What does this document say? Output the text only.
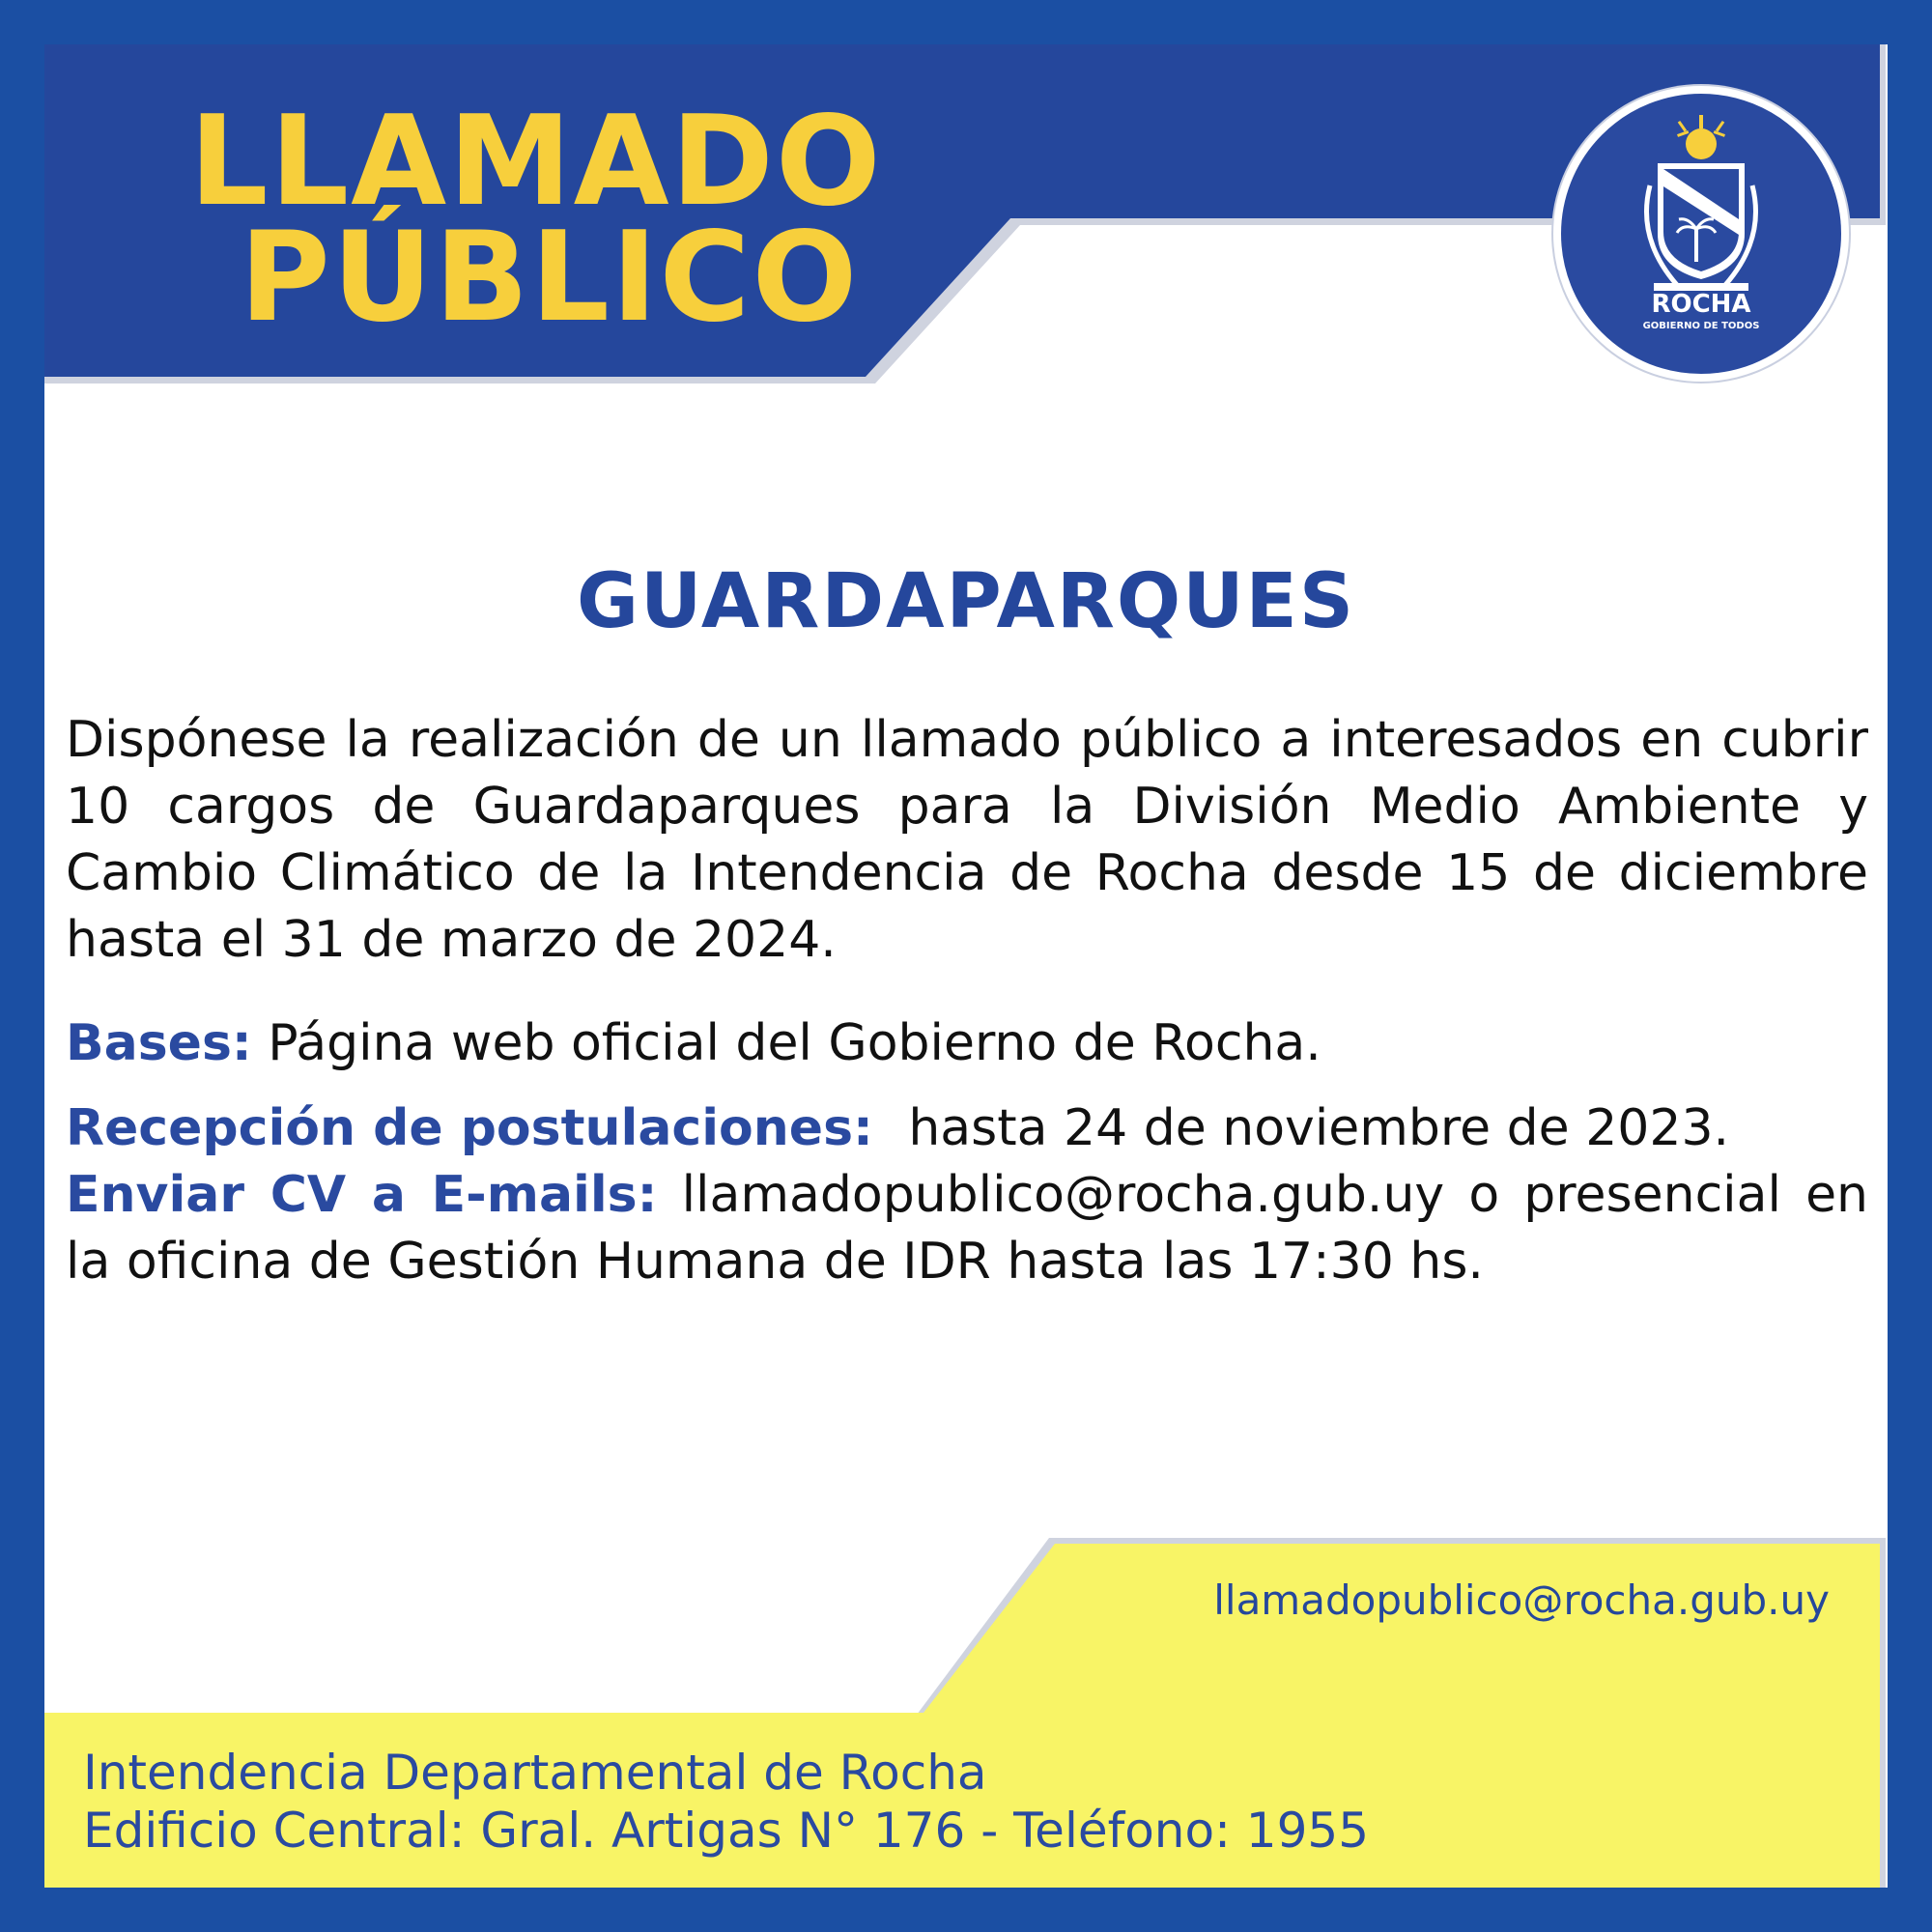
LLAMADO
PÚBLICO	ROCHA
GOBIERNO DE TODOS
GUARDAPARQUES

Dispónese la realización de un llamado público a interesados en cubrir 10 cargos de Guardaparques para la División Medio Ambiente y Cambio Climático de la Intendencia de Rocha desde 15 de diciembre hasta el 31 de marzo de 2024.

Bases: Página web oficial del Gobierno de Rocha.

Recepción de postulaciones: hasta 24 de noviembre de 2023.
Enviar CV a E-mails: llamadopublico@rocha.gub.uy o presencial en la oficina de Gestión Humana de IDR hasta las 17:30 hs.

llamadopublico@rocha.gub.uy
Intendencia Departamental de Rocha
Edificio Central: Gral. Artigas N° 176 - Teléfono: 1955
